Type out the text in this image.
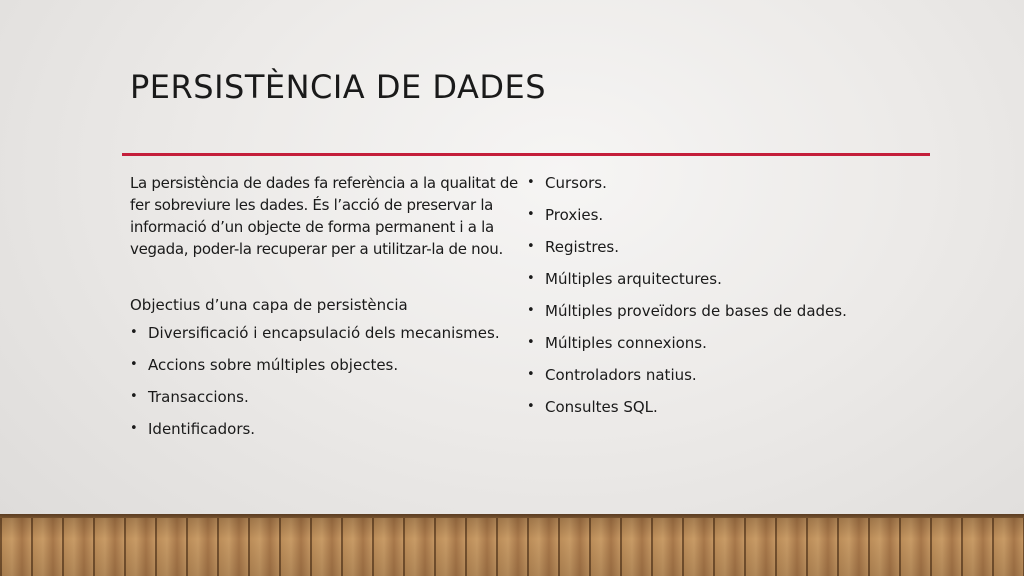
PERSISTÈNCIA DE DADES

La persistència de dades fa referència a la qualitat de fer sobreviure les dades. És l’acció de preservar la informació d’un objecte de forma permanent i a la vegada, poder-la recuperar per a utilitzar-la de nou.

Objectius d’una capa de persistència

• Diversificació i encapsulació dels mecanismes.
• Accions sobre múltiples objectes.
• Transaccions.
• Identificadors.
• Cursors.
• Proxies.
• Registres.
• Múltiples arquitectures.
• Múltiples proveïdors de bases de dades.
• Múltiples connexions.
• Controladors natius.
• Consultes SQL.
